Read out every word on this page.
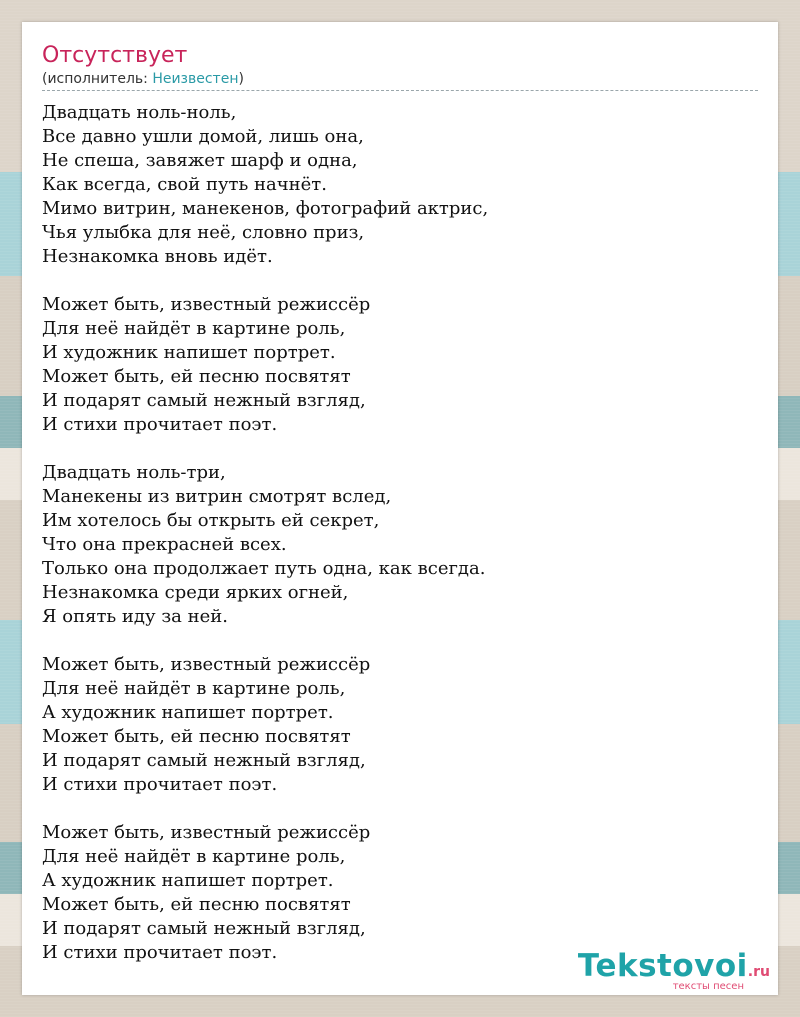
Отсутствует
(исполнитель: Неизвестен)
Двадцать ноль-ноль,
Все давно ушли домой, лишь она,
Не спеша, завяжет шарф и одна,
Как всегда, свой путь начнёт.
Мимо витрин, манекенов, фотографий актрис,
Чья улыбка для неё, словно приз,
Незнакомка вновь идёт.
Может быть, известный режиссёр
Для неё найдёт в картине роль,
И художник напишет портрет.
Может быть, ей песню посвятят
И подарят самый нежный взгляд,
И стихи прочитает поэт.
Двадцать ноль-три,
Манекены из витрин смотрят вслед,
Им хотелось бы открыть ей секрет,
Что она прекрасней всех.
Только она продолжает путь одна, как всегда.
Незнакомка среди ярких огней,
Я опять иду за ней.
Может быть, известный режиссёр
Для неё найдёт в картине роль,
А художник напишет портрет.
Может быть, ей песню посвятят
И подарят самый нежный взгляд,
И стихи прочитает поэт.
Может быть, известный режиссёр
Для неё найдёт в картине роль,
А художник напишет портрет.
Может быть, ей песню посвятят
И подарят самый нежный взгляд,
И стихи прочитает поэт.	Tekstovoi.ru
тексты песен
